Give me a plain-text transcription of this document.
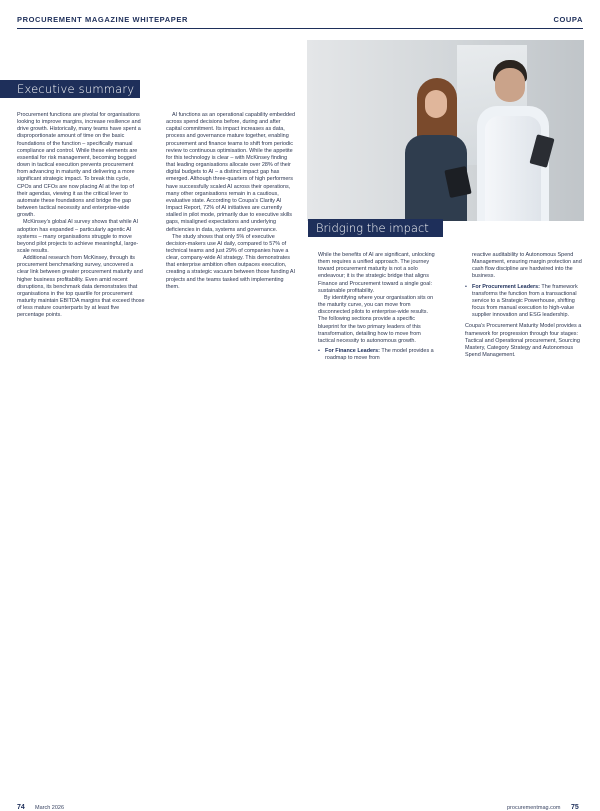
PROCUREMENT MAGAZINE WHITEPAPER	COUPA
Executive summary
Procurement functions are pivotal for organisations looking to improve margins, increase resilience and drive growth. Historically, many teams have spent a disproportionate amount of time on the basic foundations of the function – specifically manual compliance and control. While these elements are essential for risk management, becoming bogged down in tactical execution prevents procurement from advancing in maturity and delivering a more significant strategic impact. To break this cycle, CPOs and CFOs are now placing AI at the top of their agendas, viewing it as the critical lever to automate these foundations and bridge the gap between tactical necessity and enterprise-wide growth.

McKinsey’s global AI survey shows that while AI adoption has expanded – particularly agentic AI systems – many organisations struggle to move beyond pilot projects to achieve meaningful, large-scale results.
Additional research from McKinsey, through its procurement benchmarking survey, uncovered a clear link between greater procurement maturity and higher business profitability. Even amid recent disruptions, its benchmark data demonstrates that organisations in the top quartile for procurement maturity maintain EBITDA margins that exceed those of less mature counterparts by at least five percentage points.
AI functions as an operational capability embedded across spend decisions before, during and after capital commitment. Its impact increases as data, process and governance mature together, enabling procurement and finance teams to shift from periodic review to continuous optimisation. While the appetite for this technology is clear – with McKinsey finding that leading organisations allocate over 28% of their digital budgets to AI – a distinct impact gap has emerged. Although three-quarters of high performers have successfully scaled AI across their operations, many other organisations remain in a cautious, evaluative state. According to Coupa’s Clarity AI Impact Report, 72% of AI initiatives are currently stalled in pilot mode, primarily due to executive skills gaps, misaligned expectations and underlying deficiencies in data, systems and governance.
The study shows that only 5% of executive decision-makers use AI daily, compared to 57% of technical teams and just 29% of companies have a clear, company-wide AI strategy. This demonstrates that enterprise ambition often outpaces execution, creating a strategic vacuum between those funding AI projects and the teams tasked with implementing them.
Bridging the impact gap
While the benefits of AI are significant, unlocking them requires a unified approach. The journey toward procurement maturity is not a solo endeavour; it is the strategic bridge that aligns Finance and Procurement toward a single goal: sustainable profitability.
By identifying where your organisation sits on the maturity curve, you can move from disconnected pilots to enterprise-wide results. The following sections provide a specific blueprint for the two primary leaders of this transformation, detailing how to move from tactical necessity to autonomous growth.
• For Finance Leaders: The model provides a roadmap to move from
reactive auditability to Autonomous Spend Management, ensuring margin protection and cash flow discipline are hardwired into the business.
• For Procurement Leaders: The framework transforms the function from a transactional service to a Strategic Powerhouse, shifting focus from manual execution to high-value supplier innovation and ESG leadership.
Coupa’s Procurement Maturity Model provides a framework for progression through four stages: Tactical and Operational procurement, Sourcing Mastery, Category Strategy and Autonomous Spend Management.
74 March 2026	procurementmag.com 75
